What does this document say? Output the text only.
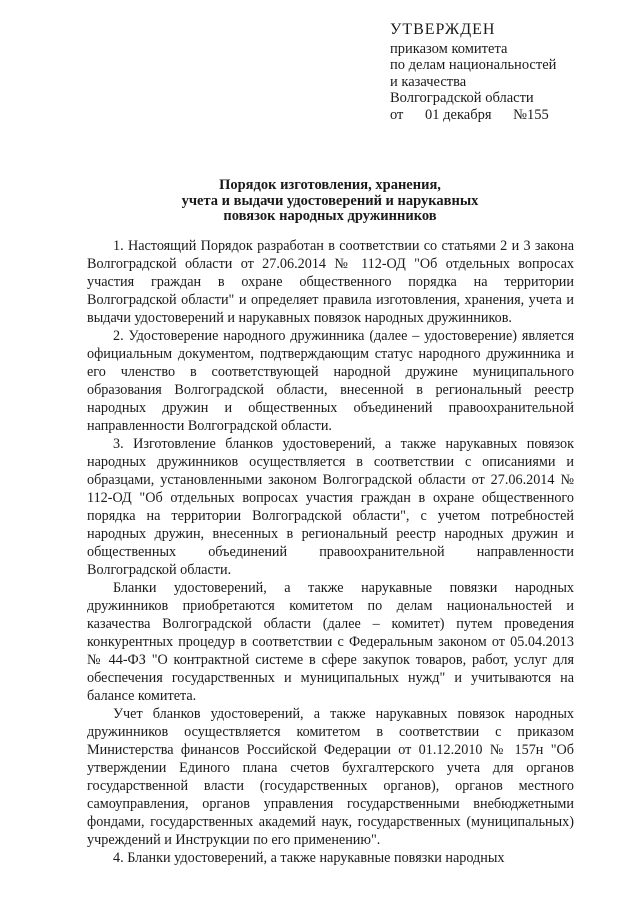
УТВЕРЖДЕН
приказом комитета
по делам национальностей
и казачества
Волгоградской области
от 01 декабря №155
Порядок изготовления, хранения,
учета и выдачи удостоверений и нарукавных
повязок народных дружинников

1. Настоящий Порядок разработан в соответствии со статьями 2 и 3 закона Волгоградской области от 27.06.2014 № 112-ОД "Об отдельных вопросах участия граждан в охране общественного порядка на территории Волгоградской области" и определяет правила изготовления, хранения, учета и выдачи удостоверений и нарукавных повязок народных дружинников.

2. Удостоверение народного дружинника (далее – удостоверение) является официальным документом, подтверждающим статус народного дружинника и его членство в соответствующей народной дружине муниципального образования Волгоградской области, внесенной в региональный реестр народных дружин и общественных объединений правоохранительной направленности Волгоградской области.

3. Изготовление бланков удостоверений, а также нарукавных повязок народных дружинников осуществляется в соответствии с описаниями и образцами, установленными законом Волгоградской области от 27.06.2014 № 112-ОД "Об отдельных вопросах участия граждан в охране общественного порядка на территории Волгоградской области", с учетом потребностей народных дружин, внесенных в региональный реестр народных дружин и общественных объединений правоохранительной направленности Волгоградской области.

Бланки удостоверений, а также нарукавные повязки народных дружинников приобретаются комитетом по делам национальностей и казачества Волгоградской области (далее – комитет) путем проведения конкурентных процедур в соответствии с Федеральным законом от 05.04.2013 № 44-ФЗ "О контрактной системе в сфере закупок товаров, работ, услуг для обеспечения государственных и муниципальных нужд" и учитываются на балансе комитета.

Учет бланков удостоверений, а также нарукавных повязок народных дружинников осуществляется комитетом в соответствии с приказом Министерства финансов Российской Федерации от 01.12.2010 № 157н "Об утверждении Единого плана счетов бухгалтерского учета для органов государственной власти (государственных органов), органов местного самоуправления, органов управления государственными внебюджетными фондами, государственных академий наук, государственных (муниципальных) учреждений и Инструкции по его применению".

4. Бланки удостоверений, а также нарукавные повязки народных
